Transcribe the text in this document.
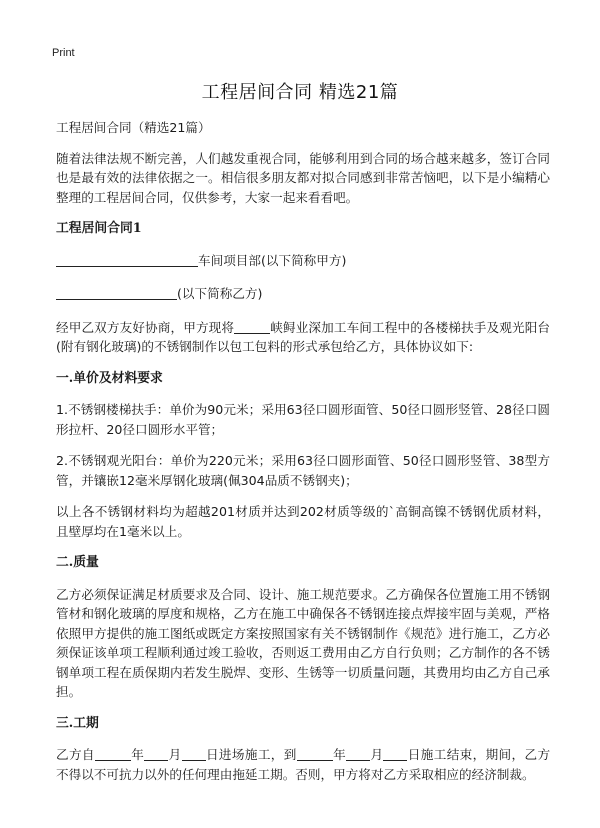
Print
工程居间合同 精选21篇

工程居间合同（精选21篇）

随着法律法规不断完善，人们越发重视合同，能够利用到合同的场合越来越多，签订合同也是最有效的法律依据之一。相信很多朋友都对拟合同感到非常苦恼吧，以下是小编精心整理的工程居间合同，仅供参考，大家一起来看看吧。

工程居间合同1

车间项目部(以下简称甲方)

(以下简称乙方)

经甲乙双方友好协商，甲方现将	峡鲟业深加工车间工程中的各楼梯扶手及观光阳台(附有钢化玻璃)的不锈钢制作以包工包料的形式承包给乙方，具体协议如下:

一.单价及材料要求

1.不锈钢楼梯扶手：单价为90元米；采用63径口圆形面管、50径口圆形竖管、28径口圆形拉杆、20径口圆形水平管；

2.不锈钢观光阳台：单价为220元米；采用63径口圆形面管、50径口圆形竖管、38型方管，并镶嵌12毫米厚钢化玻璃(佩304品质不锈钢夹)；

以上各不锈钢材料均为超越201材质并达到202材质等级的`高铜高镍不锈钢优质材料，且壁厚均在1毫米以上。

二.质量

乙方必须保证满足材质要求及合同、设计、施工规范要求。乙方确保各位置施工用不锈钢管材和钢化玻璃的厚度和规格，乙方在施工中确保各不锈钢连接点焊接牢固与美观，严格依照甲方提供的施工图纸或既定方案按照国家有关不锈钢制作《规范》进行施工，乙方必须保证该单项工程顺利通过竣工验收，否则返工费用由乙方自行负则；乙方制作的各不锈钢单项工程在质保期内若发生脱焊、变形、生锈等一切质量问题，其费用均由乙方自己承担。

三.工期

乙方自	年 月 日进场施工，到	年 月 日施工结束，期间，乙方不得以不可抗力以外的任何理由拖延工期。否则，甲方将对乙方采取相应的经济制裁。
